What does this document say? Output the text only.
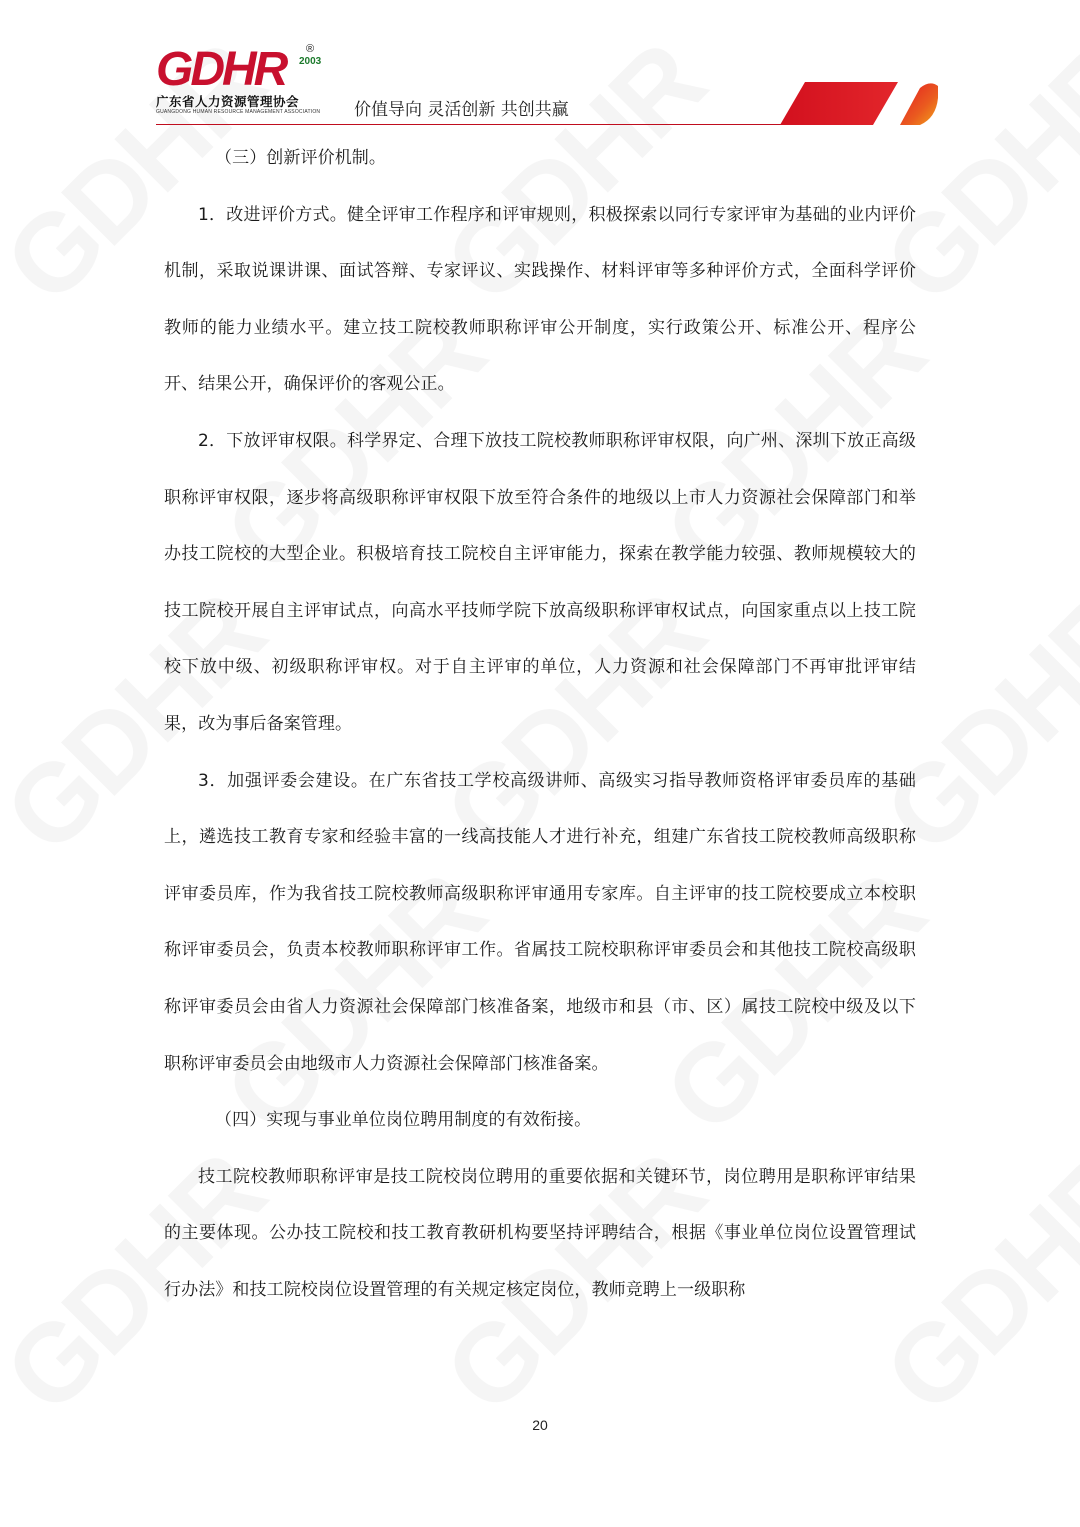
GDHR	®
2003
广东省人力资源管理协会
GUANGDONG HUMAN RESOURCE MANAGEMENT ASSOCIATION 价值导向 灵活创新 共创共赢

（三）创新评价机制。

1．改进评价方式。健全评审工作程序和评审规则，积极探索以同行专家评审为基础的业内评价机制，采取说课讲课、面试答辩、专家评议、实践操作、材料评审等多种评价方式，全面科学评价教师的能力业绩水平。建立技工院校教师职称评审公开制度，实行政策公开、标准公开、程序公开、结果公开，确保评价的客观公正。

2．下放评审权限。科学界定、合理下放技工院校教师职称评审权限，向广州、深圳下放正高级职称评审权限，逐步将高级职称评审权限下放至符合条件的地级以上市人力资源社会保障部门和举办技工院校的大型企业。积极培育技工院校自主评审能力，探索在教学能力较强、教师规模较大的技工院校开展自主评审试点，向高水平技师学院下放高级职称评审权试点，向国家重点以上技工院校下放中级、初级职称评审权。对于自主评审的单位，人力资源和社会保障部门不再审批评审结果，改为事后备案管理。

3．加强评委会建设。在广东省技工学校高级讲师、高级实习指导教师资格评审委员库的基础上，遴选技工教育专家和经验丰富的一线高技能人才进行补充，组建广东省技工院校教师高级职称评审委员库，作为我省技工院校教师高级职称评审通用专家库。自主评审的技工院校要成立本校职称评审委员会，负责本校教师职称评审工作。省属技工院校职称评审委员会和其他技工院校高级职称评审委员会由省人力资源社会保障部门核准备案，地级市和县（市、区）属技工院校中级及以下职称评审委员会由地级市人力资源社会保障部门核准备案。

（四）实现与事业单位岗位聘用制度的有效衔接。

技工院校教师职称评审是技工院校岗位聘用的重要依据和关键环节，岗位聘用是职称评审结果的主要体现。公办技工院校和技工教育教研机构要坚持评聘结合，根据《事业单位岗位设置管理试行办法》和技工院校岗位设置管理的有关规定核定岗位，教师竞聘上一级职称

20
